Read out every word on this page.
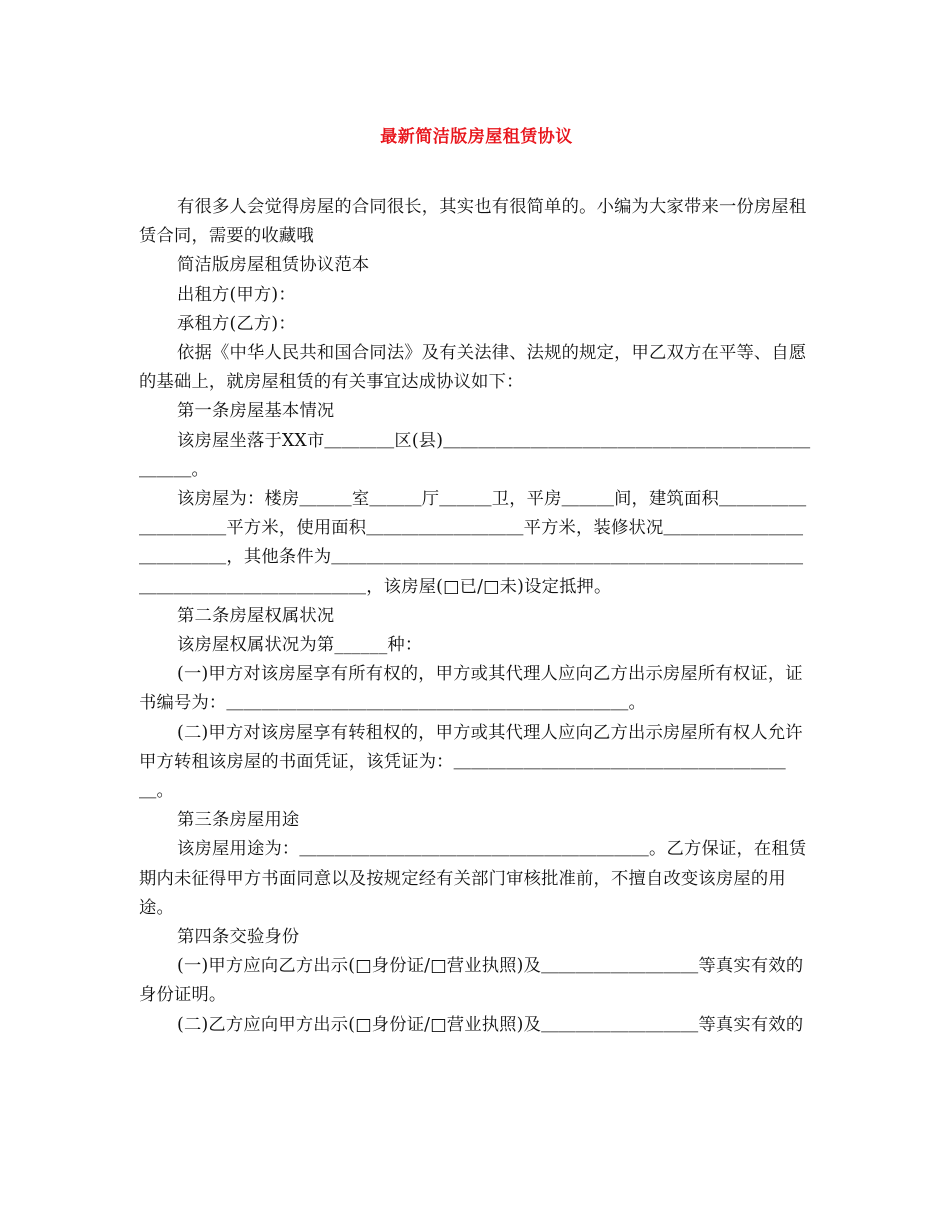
最新简洁版房屋租赁协议

有很多人会觉得房屋的合同很长，其实也有很简单的。小编为大家带来一份房屋租赁合同，需要的收藏哦

简洁版房屋租赁协议范本

出租方(甲方)：

承租方(乙方)：

依据《中华人民共和国合同法》及有关法律、法规的规定，甲乙双方在平等、自愿的基础上，就房屋租赁的有关事宜达成协议如下：

第一条房屋基本情况

该房屋坐落于XX市＿＿＿＿区(县)＿＿＿＿＿＿＿＿＿＿＿＿＿＿＿＿＿＿＿＿＿＿＿＿。

该房屋为：楼房＿＿＿室＿＿＿厅＿＿＿卫，平房＿＿＿间，建筑面积＿＿＿＿＿＿＿＿＿＿平方米，使用面积＿＿＿＿＿＿＿＿＿平方米，装修状况＿＿＿＿＿＿＿＿＿＿＿＿＿，其他条件为＿＿＿＿＿＿＿＿＿＿＿＿＿＿＿＿＿＿＿＿＿＿＿＿＿＿＿＿＿＿＿＿＿＿＿＿＿＿＿＿，该房屋(□已/□未)设定抵押。

第二条房屋权属状况

该房屋权属状况为第______种：

(一)甲方对该房屋享有所有权的，甲方或其代理人应向乙方出示房屋所有权证，证书编号为：＿＿＿＿＿＿＿＿＿＿＿＿＿＿＿＿＿＿＿＿＿＿＿。

(二)甲方对该房屋享有转租权的，甲方或其代理人应向乙方出示房屋所有权人允许甲方转租该房屋的书面凭证，该凭证为：＿＿＿＿＿＿＿＿＿＿＿＿＿＿＿＿＿＿＿＿。

第三条房屋用途

该房屋用途为：＿＿＿＿＿＿＿＿＿＿＿＿＿＿＿＿＿＿＿＿。乙方保证，在租赁期内未征得甲方书面同意以及按规定经有关部门审核批准前，不擅自改变该房屋的用途。

第四条交验身份

(一)甲方应向乙方出示(□身份证/□营业执照)及＿＿＿＿＿＿＿＿＿等真实有效的身份证明。

(二)乙方应向甲方出示(□身份证/□营业执照)及＿＿＿＿＿＿＿＿＿等真实有效的
